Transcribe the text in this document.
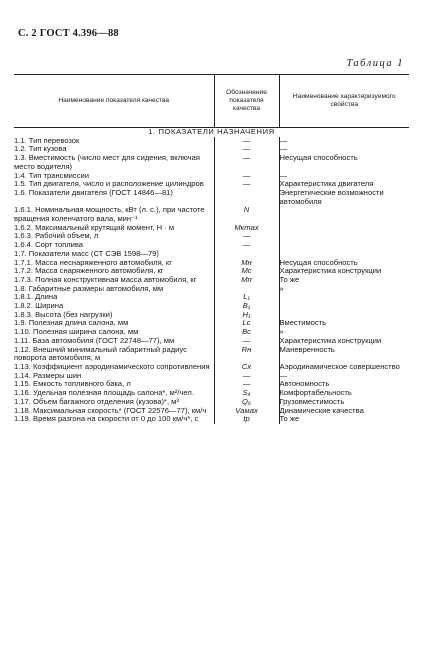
С. 2 ГОСТ 4.396—88
Таблица 1
Наименование показателя качества	Обозначение показателя качества	Наименование характеризуемого свойства
1. ПОКАЗАТЕЛИ НАЗНАЧЕНИЯ		
1.1. Тип перевозок	—	—
1.2. Тип кузова	—	—
1.3. Вместимость (число мест для сидения, включая место водителя)	—	Несущая способность
1.4. Тип трансмиссии	—	—
1.5. Тип двигателя, число и расположение цилиндров	—	Характеристика двигателя
1.6. Показатели двигателя (ГОСТ 14846—81)		Энергетические возможности автомобиля
1.6.1. Номинальная мощность, кВт (л. с.), при частоте вращения коленчатого вала, мин⁻¹	N	
1.6.2. Максимальный крутящий момент, Н · м	Mкmax	
1.6.3. Рабочий объем, л	—	
1.6.4. Сорт топлива	—	
1.7. Показатели масс (СТ СЭВ 1598—79)		
1.7.1. Масса неснаряженного автомобиля, кг	Mн	Несущая способность
1.7.2. Масса снаряженного автомобиля, кг	Mс	Характеристика конструкции
1.7.3. Полная конструктивная масса автомобиля, кг	Mп	То же
1.8. Габаритные размеры автомобиля, мм		»
1.8.1. Длина	L₁	
1.8.2. Ширина	B₁	
1.8.3. Высота (без нагрузки)	H₁	
1.9. Полезная длина салона, мм	Lс	Вместимость
1.10. Полезная ширина салона, мм	Bс	»
1.11. База автомобиля (ГОСТ 22748—77), мм	—	Характеристика конструкции
1.12. Внешний минимальный габаритный радиус поворота автомобиля, м	Rн	Маневренность
1.13. Коэффициент аэродинамического сопротивления	Cх	Аэродинамическое совершенство
1.14. Размеры шин	—	—
1.15. Емкость топливного бака, л	—	Автономность
1.16. Удельная полезная площадь салона*, м²/чел.	S₄	Комфортабельность
1.17. Объем багажного отделения (кузова)*, м³	Q₆	Грузовместимость
1.18. Максимальная скорость* (ГОСТ 22576—77), км/ч	Vамах	Динамические качества
1.19. Время разгона на скорости от 0 до 100 км/ч*, с	tр	То же
